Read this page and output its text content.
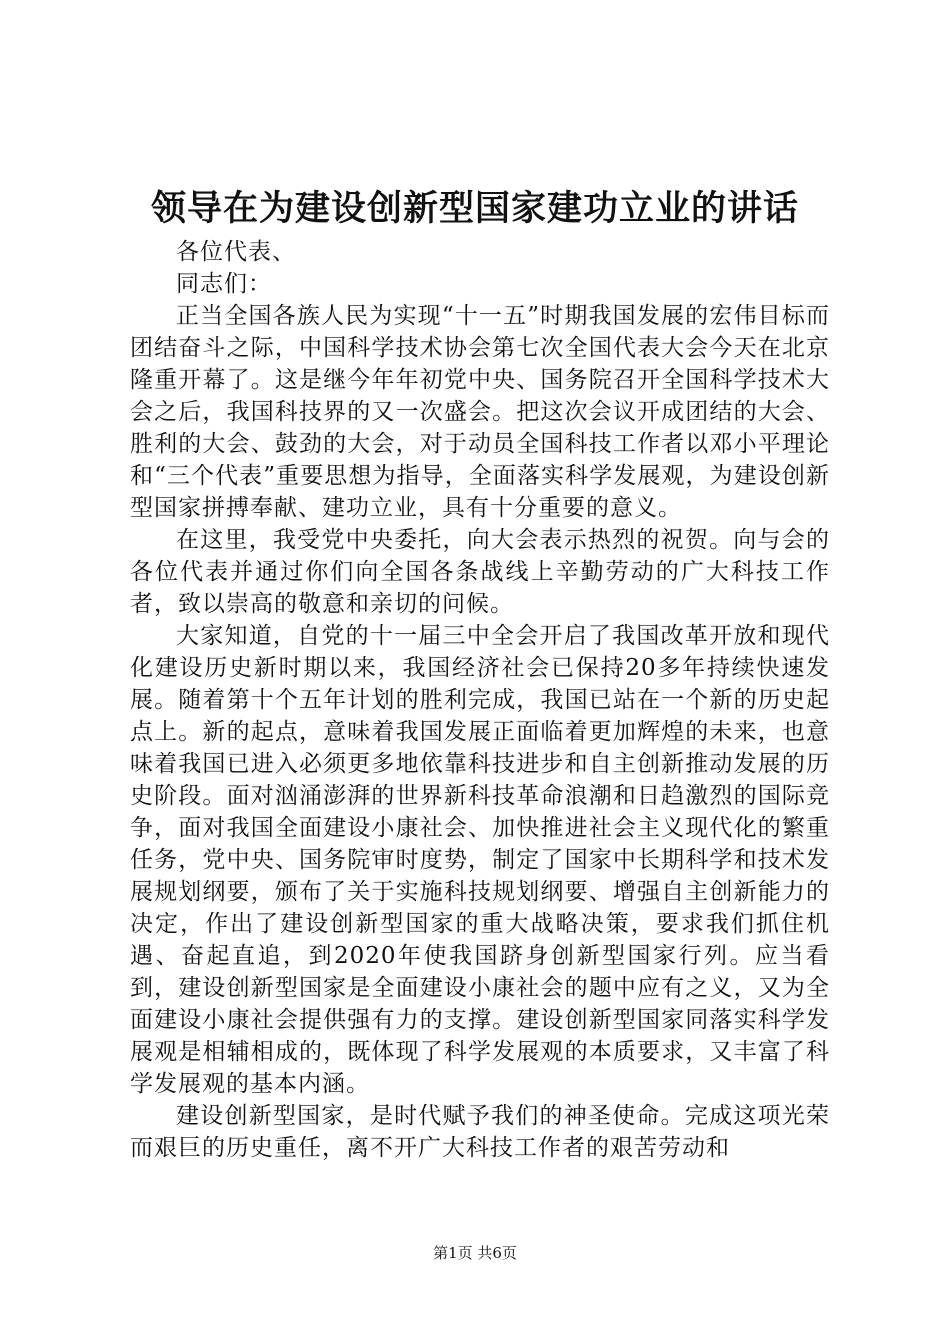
领导在为建设创新型国家建功立业的讲话

各位代表、

同志们：

正当全国各族人民为实现“十一五”时期我国发展的宏伟目标而团结奋斗之际，中国科学技术协会第七次全国代表大会今天在北京隆重开幕了。这是继今年年初党中央、国务院召开全国科学技术大会之后，我国科技界的又一次盛会。把这次会议开成团结的大会、胜利的大会、鼓劲的大会，对于动员全国科技工作者以邓小平理论和“三个代表”重要思想为指导，全面落实科学发展观，为建设创新型国家拼搏奉献、建功立业，具有十分重要的意义。

在这里，我受党中央委托，向大会表示热烈的祝贺。向与会的各位代表并通过你们向全国各条战线上辛勤劳动的广大科技工作者，致以崇高的敬意和亲切的问候。

大家知道，自党的十一届三中全会开启了我国改革开放和现代化建设历史新时期以来，我国经济社会已保持20多年持续快速发展。随着第十个五年计划的胜利完成，我国已站在一个新的历史起点上。新的起点，意味着我国发展正面临着更加辉煌的未来，也意味着我国已进入必须更多地依靠科技进步和自主创新推动发展的历史阶段。面对汹涌澎湃的世界新科技革命浪潮和日趋激烈的国际竞争，面对我国全面建设小康社会、加快推进社会主义现代化的繁重任务，党中央、国务院审时度势，制定了国家中长期科学和技术发展规划纲要，颁布了关于实施科技规划纲要、增强自主创新能力的决定，作出了建设创新型国家的重大战略决策，要求我们抓住机遇、奋起直追，到2020年使我国跻身创新型国家行列。应当看到，建设创新型国家是全面建设小康社会的题中应有之义，又为全面建设小康社会提供强有力的支撑。建设创新型国家同落实科学发展观是相辅相成的，既体现了科学发展观的本质要求，又丰富了科学发展观的基本内涵。

建设创新型国家，是时代赋予我们的神圣使命。完成这项光荣而艰巨的历史重任，离不开广大科技工作者的艰苦劳动和

第1页 共6页
